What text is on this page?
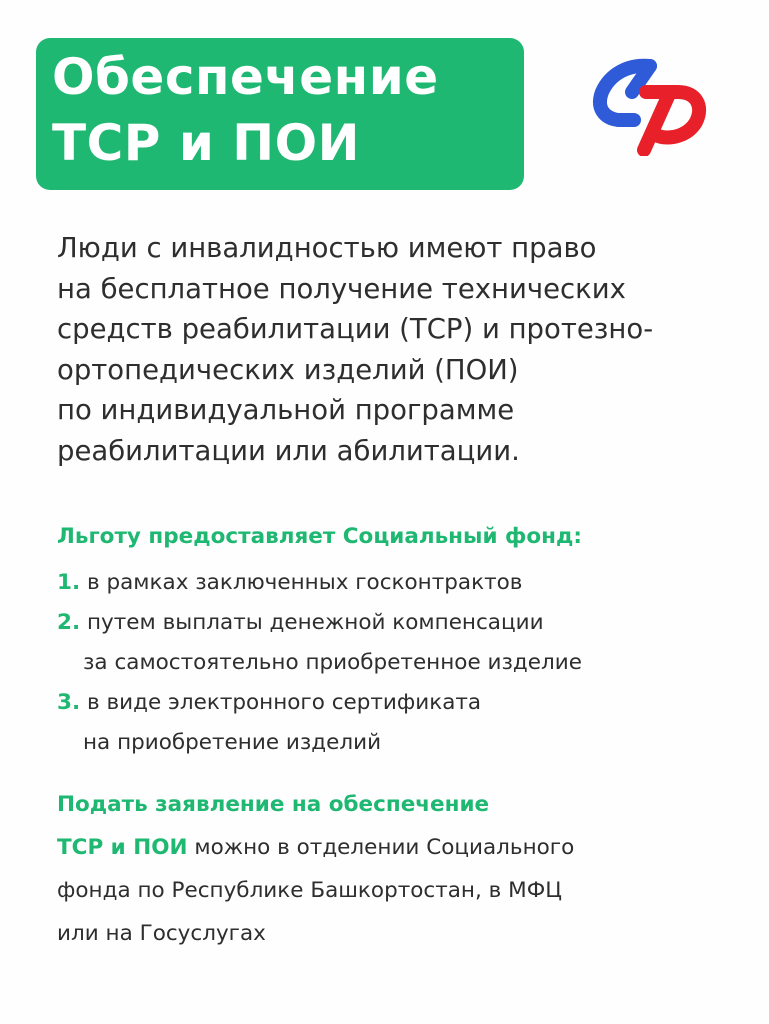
Обеспечение
ТСР и ПОИ

Люди с инвалидностью имеют право
на бесплатное получение технических
средств реабилитации (ТСР) и протезно-
ортопедических изделий (ПОИ)
по индивидуальной программе
реабилитации или абилитации.

Льготу предоставляет Социальный фонд:
1. в рамках заключенных госконтрактов
2. путем выплаты денежной компенсации
за самостоятельно приобретенное изделие
3. в виде электронного сертификата
на приобретение изделий

Подать заявление на обеспечение
ТСР и ПОИ можно в отделении Социального
фонда по Республике Башкортостан, в МФЦ
или на Госуслугах
